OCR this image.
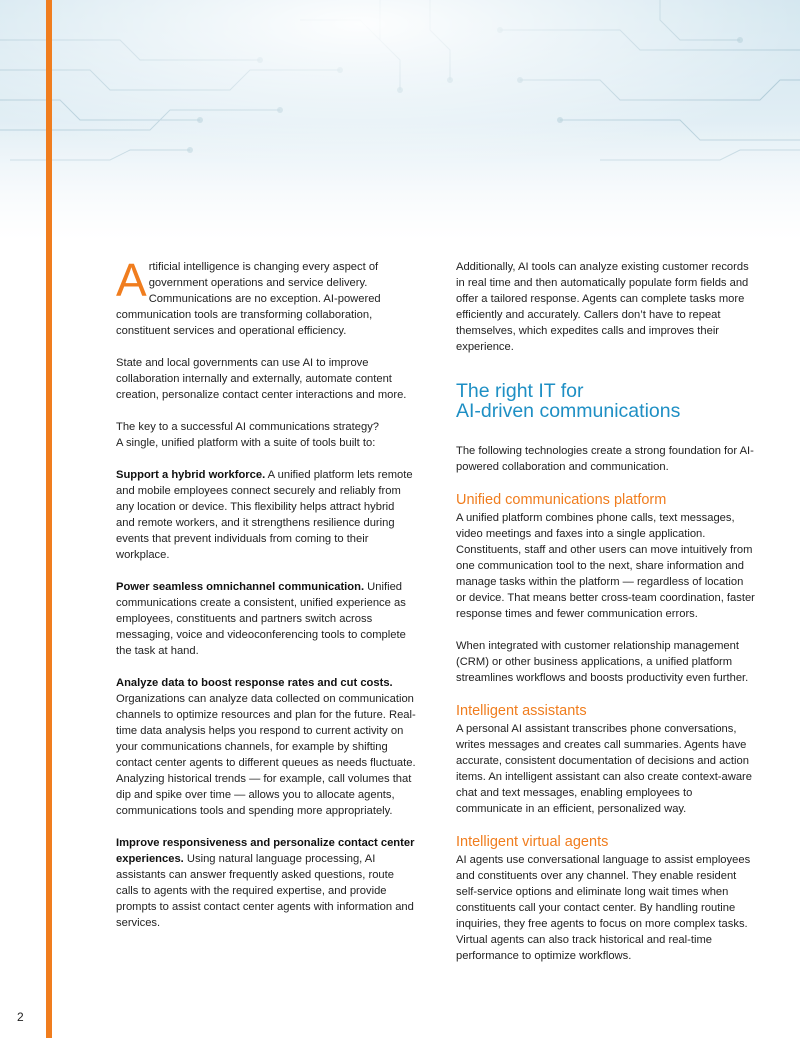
Artificial intelligence is changing every aspect of government operations and service delivery. Communications are no exception. AI-powered communication tools are transforming collaboration, constituent services and operational efficiency.

State and local governments can use AI to improve collaboration internally and externally, automate content creation, personalize contact center interactions and more.

The key to a successful AI communications strategy?
A single, unified platform with a suite of tools built to:

Support a hybrid workforce. A unified platform lets remote and mobile employees connect securely and reliably from any location or device. This flexibility helps attract hybrid and remote workers, and it strengthens resilience during events that prevent individuals from coming to their workplace.

Power seamless omnichannel communication. Unified communications create a consistent, unified experience as employees, constituents and partners switch across messaging, voice and videoconferencing tools to complete the task at hand.

Analyze data to boost response rates and cut costs. Organizations can analyze data collected on communication channels to optimize resources and plan for the future. Real-time data analysis helps you respond to current activity on your communications channels, for example by shifting contact center agents to different queues as needs fluctuate. Analyzing historical trends — for example, call volumes that dip and spike over time — allows you to allocate agents, communications tools and spending more appropriately.

Improve responsiveness and personalize contact center experiences. Using natural language processing, AI assistants can answer frequently asked questions, route calls to agents with the required expertise, and provide prompts to assist contact center agents with information and services.

Additionally, AI tools can analyze existing customer records in real time and then automatically populate form fields and offer a tailored response. Agents can complete tasks more efficiently and accurately. Callers don’t have to repeat themselves, which expedites calls and improves their experience.

The right IT for
AI-driven communications

The following technologies create a strong foundation for AI-powered collaboration and communication.

Unified communications platform

A unified platform combines phone calls, text messages, video meetings and faxes into a single application. Constituents, staff and other users can move intuitively from one communication tool to the next, share information and manage tasks within the platform — regardless of location or device. That means better cross-team coordination, faster response times and fewer communication errors.

When integrated with customer relationship management (CRM) or other business applications, a unified platform streamlines workflows and boosts productivity even further.

Intelligent assistants

A personal AI assistant transcribes phone conversations, writes messages and creates call summaries. Agents have accurate, consistent documentation of decisions and action items. An intelligent assistant can also create context-aware chat and text messages, enabling employees to communicate in an efficient, personalized way.

Intelligent virtual agents

AI agents use conversational language to assist employees and constituents over any channel. They enable resident self-service options and eliminate long wait times when constituents call your contact center. By handling routine inquiries, they free agents to focus on more complex tasks. Virtual agents can also track historical and real-time performance to optimize workflows.

2
